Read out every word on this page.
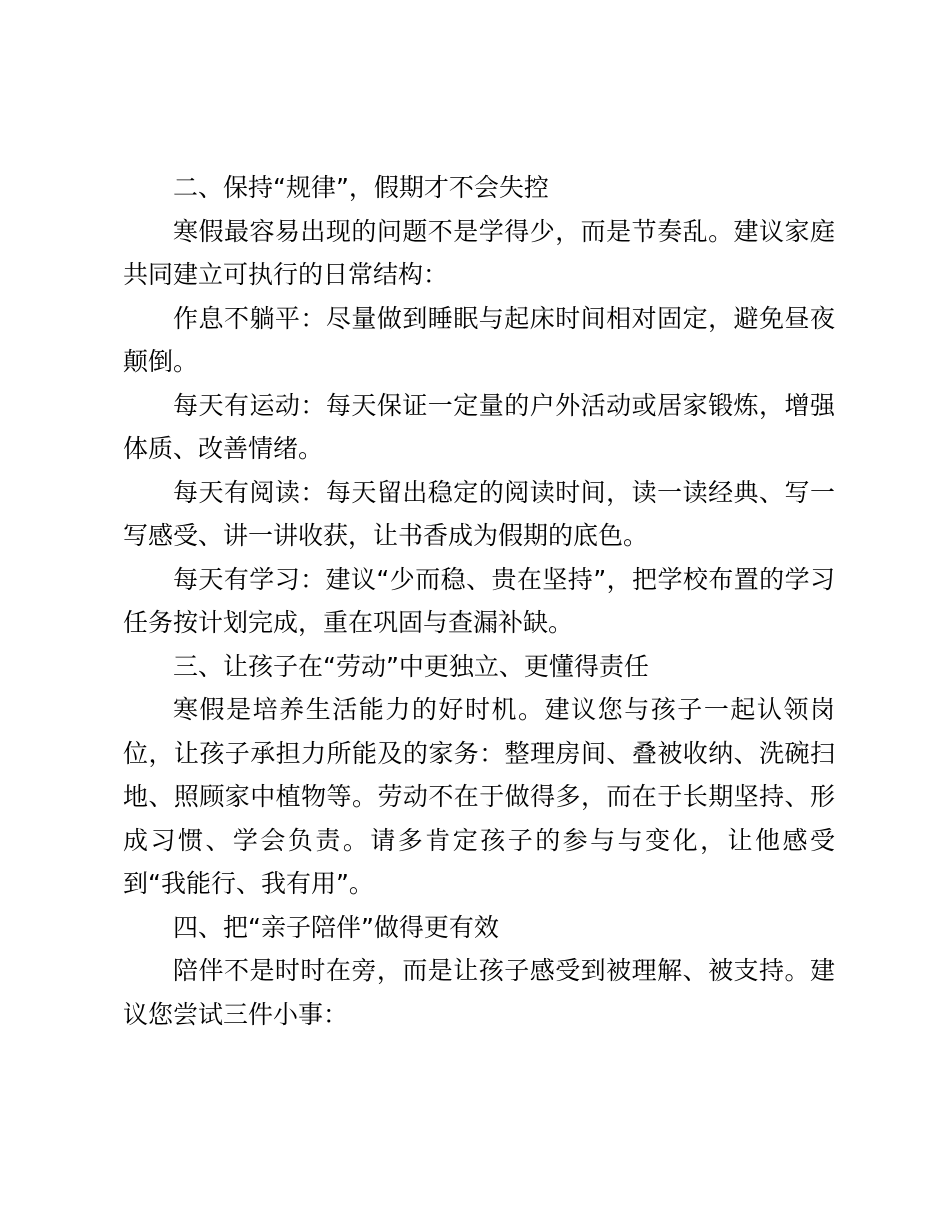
二、保持“规律”，假期才不会失控

寒假最容易出现的问题不是学得少，而是节奏乱。建议家庭共同建立可执行的日常结构：

作息不躺平：尽量做到睡眠与起床时间相对固定，避免昼夜颠倒。

每天有运动：每天保证一定量的户外活动或居家锻炼，增强体质、改善情绪。

每天有阅读：每天留出稳定的阅读时间，读一读经典、写一写感受、讲一讲收获，让书香成为假期的底色。

每天有学习：建议“少而稳、贵在坚持”，把学校布置的学习任务按计划完成，重在巩固与查漏补缺。

三、让孩子在“劳动”中更独立、更懂得责任

寒假是培养生活能力的好时机。建议您与孩子一起认领岗位，让孩子承担力所能及的家务：整理房间、叠被收纳、洗碗扫地、照顾家中植物等。劳动不在于做得多，而在于长期坚持、形成习惯、学会负责。请多肯定孩子的参与与变化，让他感受到“我能行、我有用”。

四、把“亲子陪伴”做得更有效

陪伴不是时时在旁，而是让孩子感受到被理解、被支持。建议您尝试三件小事：
